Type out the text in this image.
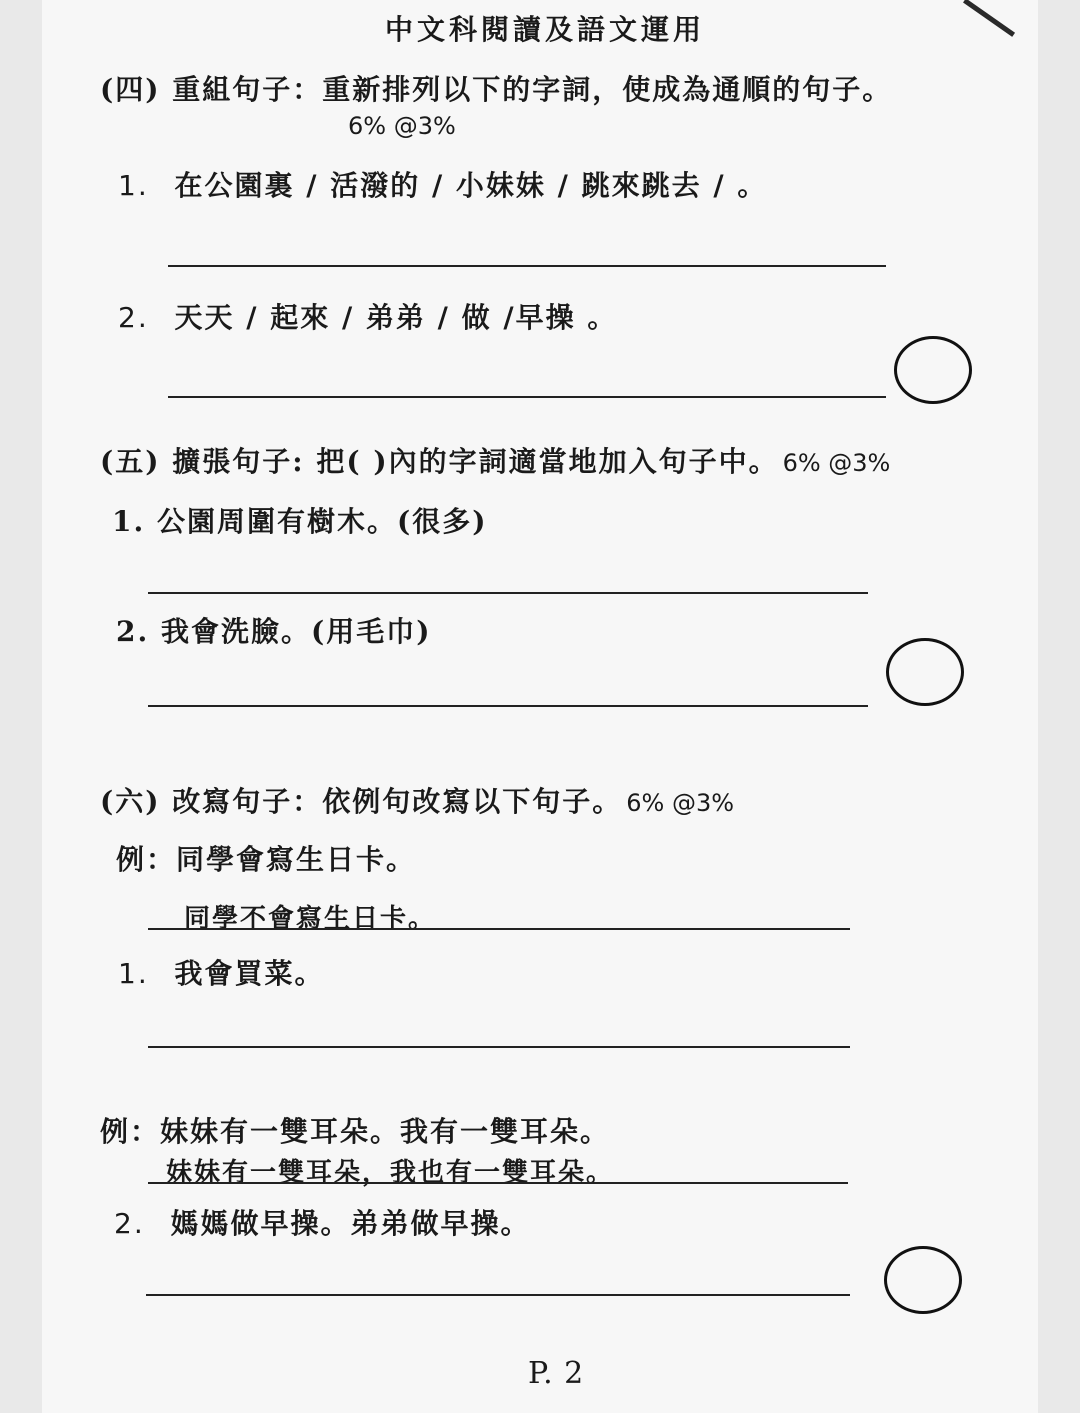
中文科閱讀及語文運用
(四) 重組句子：重新排列以下的字詞，使成為通順的句子。
6% @3%
1. 在公園裏 / 活潑的 / 小妹妹 / 跳來跳去 / 。
2. 天天 / 起來 / 弟弟 / 做 /早操 。
(五) 擴張句子: 把( )內的字詞適當地加入句子中。 6% @3%
1. 公園周圍有樹木。(很多)
2. 我會洗臉。(用毛巾)
(六) 改寫句子：依例句改寫以下句子。 6% @3%
例：同學會寫生日卡。
同學不會寫生日卡。
1. 我會買菜。
例：妹妹有一雙耳朵。我有一雙耳朵。
妹妹有一雙耳朵，我也有一雙耳朵。
2. 媽媽做早操。弟弟做早操。
P. 2
